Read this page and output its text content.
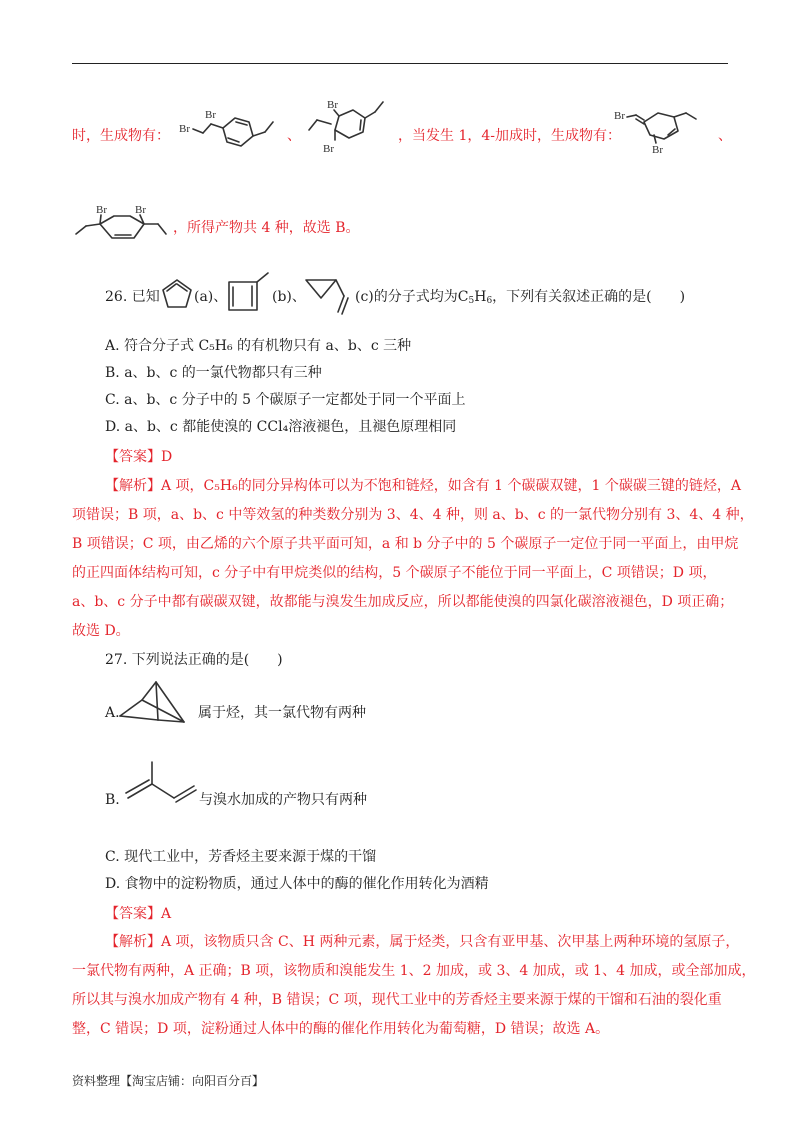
时，生成物有： Br
Br
、
Br
Br
，当发生 1，4-加成时，生成物有：
Br
Br
、
Br	Br
，所得产物共 4 种，故选 B。
26. 已知 (a)、	(b)、	(c)的分子式均为$C_5H_6$，下列有关叙述正确的是(　　)
A. 符合分子式 C₅H₆ 的有机物只有 a、b、c 三种
B. a、b、c 的一氯代物都只有三种
C. a、b、c 分子中的 5 个碳原子一定都处于同一个平面上
D. a、b、c 都能使溴的 CCl₄溶液褪色，且褪色原理相同
【答案】D
【解析】A 项，C₅H₆的同分异构体可以为不饱和链烃，如含有 1 个碳碳双键，1 个碳碳三键的链烃，A
项错误；B 项，a、b、c 中等效氢的种类数分别为 3、4、4 种，则 a、b、c 的一氯代物分别有 3、4、4 种，
B 项错误；C 项，由乙烯的六个原子共平面可知，a 和 b 分子中的 5 个碳原子一定位于同一平面上，由甲烷
的正四面体结构可知，c 分子中有甲烷类似的结构，5 个碳原子不能位于同一平面上，C 项错误；D 项，
a、b、c 分子中都有碳碳双键，故都能与溴发生加成反应，所以都能使溴的四氯化碳溶液褪色，D 项正确；
故选 D。
27. 下列说法正确的是(　　)
A.	属于烃，其一氯代物有两种
B.	与溴水加成的产物只有两种
C. 现代工业中，芳香烃主要来源于煤的干馏
D. 食物中的淀粉物质，通过人体中的酶的催化作用转化为酒精
【答案】A
【解析】A 项，该物质只含 C、H 两种元素，属于烃类，只含有亚甲基、次甲基上两种环境的氢原子，
一氯代物有两种，A 正确；B 项，该物质和溴能发生 1、2 加成，或 3、4 加成，或 1、4 加成，或全部加成，
所以其与溴水加成产物有 4 种，B 错误；C 项，现代工业中的芳香烃主要来源于煤的干馏和石油的裂化重
整，C 错误；D 项，淀粉通过人体中的酶的催化作用转化为葡萄糖，D 错误；故选 A。
资料整理【淘宝店铺：向阳百分百】
